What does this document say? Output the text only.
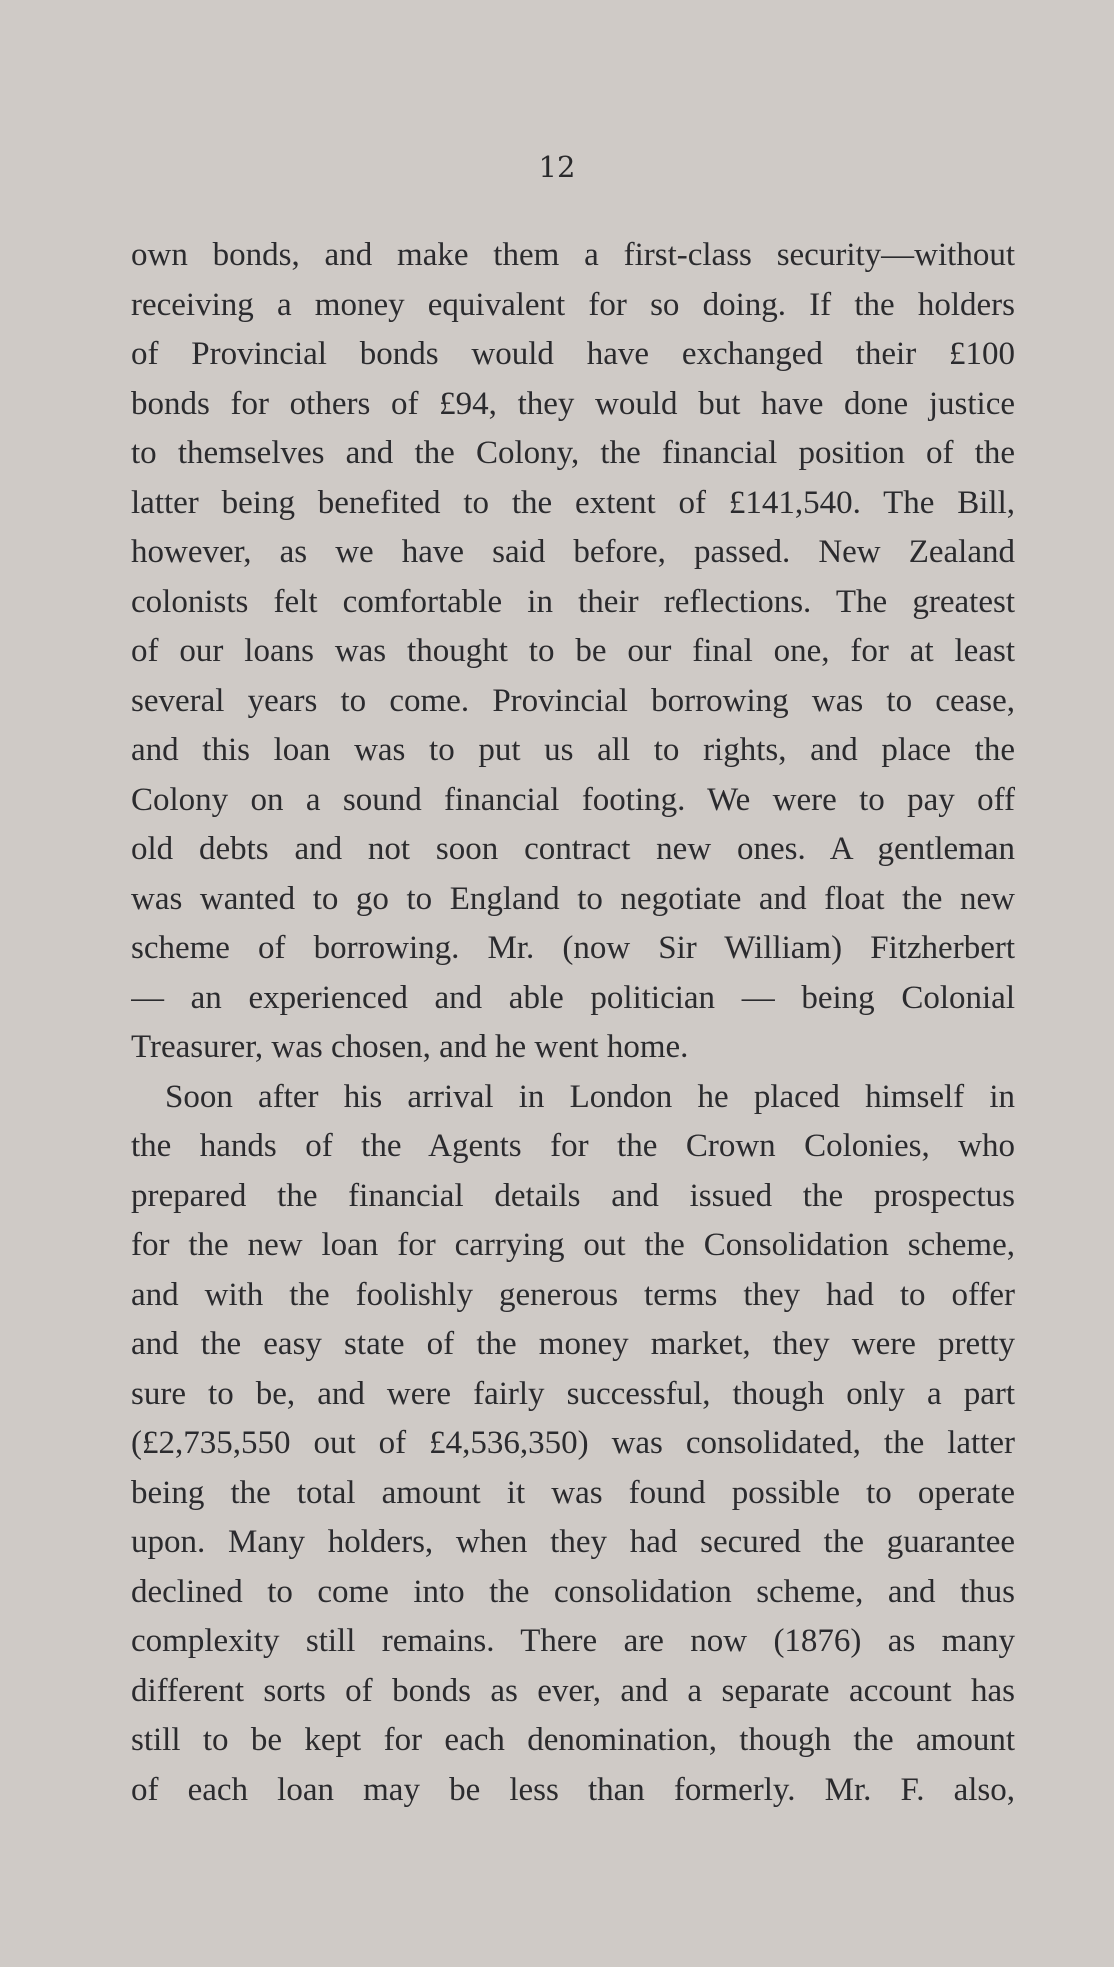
12
own bonds, and make them a first-class security—without
receiving a money equivalent for so doing. If the holders
of Provincial bonds would have exchanged their £100
bonds for others of £94, they would but have done justice
to themselves and the Colony, the financial position of the
latter being benefited to the extent of £141,540. The Bill,
however, as we have said before, passed. New Zealand
colonists felt comfortable in their reflections. The greatest
of our loans was thought to be our final one, for at least
several years to come. Provincial borrowing was to cease,
and this loan was to put us all to rights, and place the
Colony on a sound financial footing. We were to pay off
old debts and not soon contract new ones. A gentleman
was wanted to go to England to negotiate and float the new
scheme of borrowing. Mr. (now Sir William) Fitzherbert
— an experienced and able politician — being Colonial
Treasurer, was chosen, and he went home.
Soon after his arrival in London he placed himself in
the hands of the Agents for the Crown Colonies, who
prepared the financial details and issued the prospectus
for the new loan for carrying out the Consolidation scheme,
and with the foolishly generous terms they had to offer
and the easy state of the money market, they were pretty
sure to be, and were fairly successful, though only a part
(£2,735,550 out of £4,536,350) was consolidated, the latter
being the total amount it was found possible to operate
upon. Many holders, when they had secured the guarantee
declined to come into the consolidation scheme, and thus
complexity still remains. There are now (1876) as many
different sorts of bonds as ever, and a separate account has
still to be kept for each denomination, though the amount
of each loan may be less than formerly. Mr. F. also,
